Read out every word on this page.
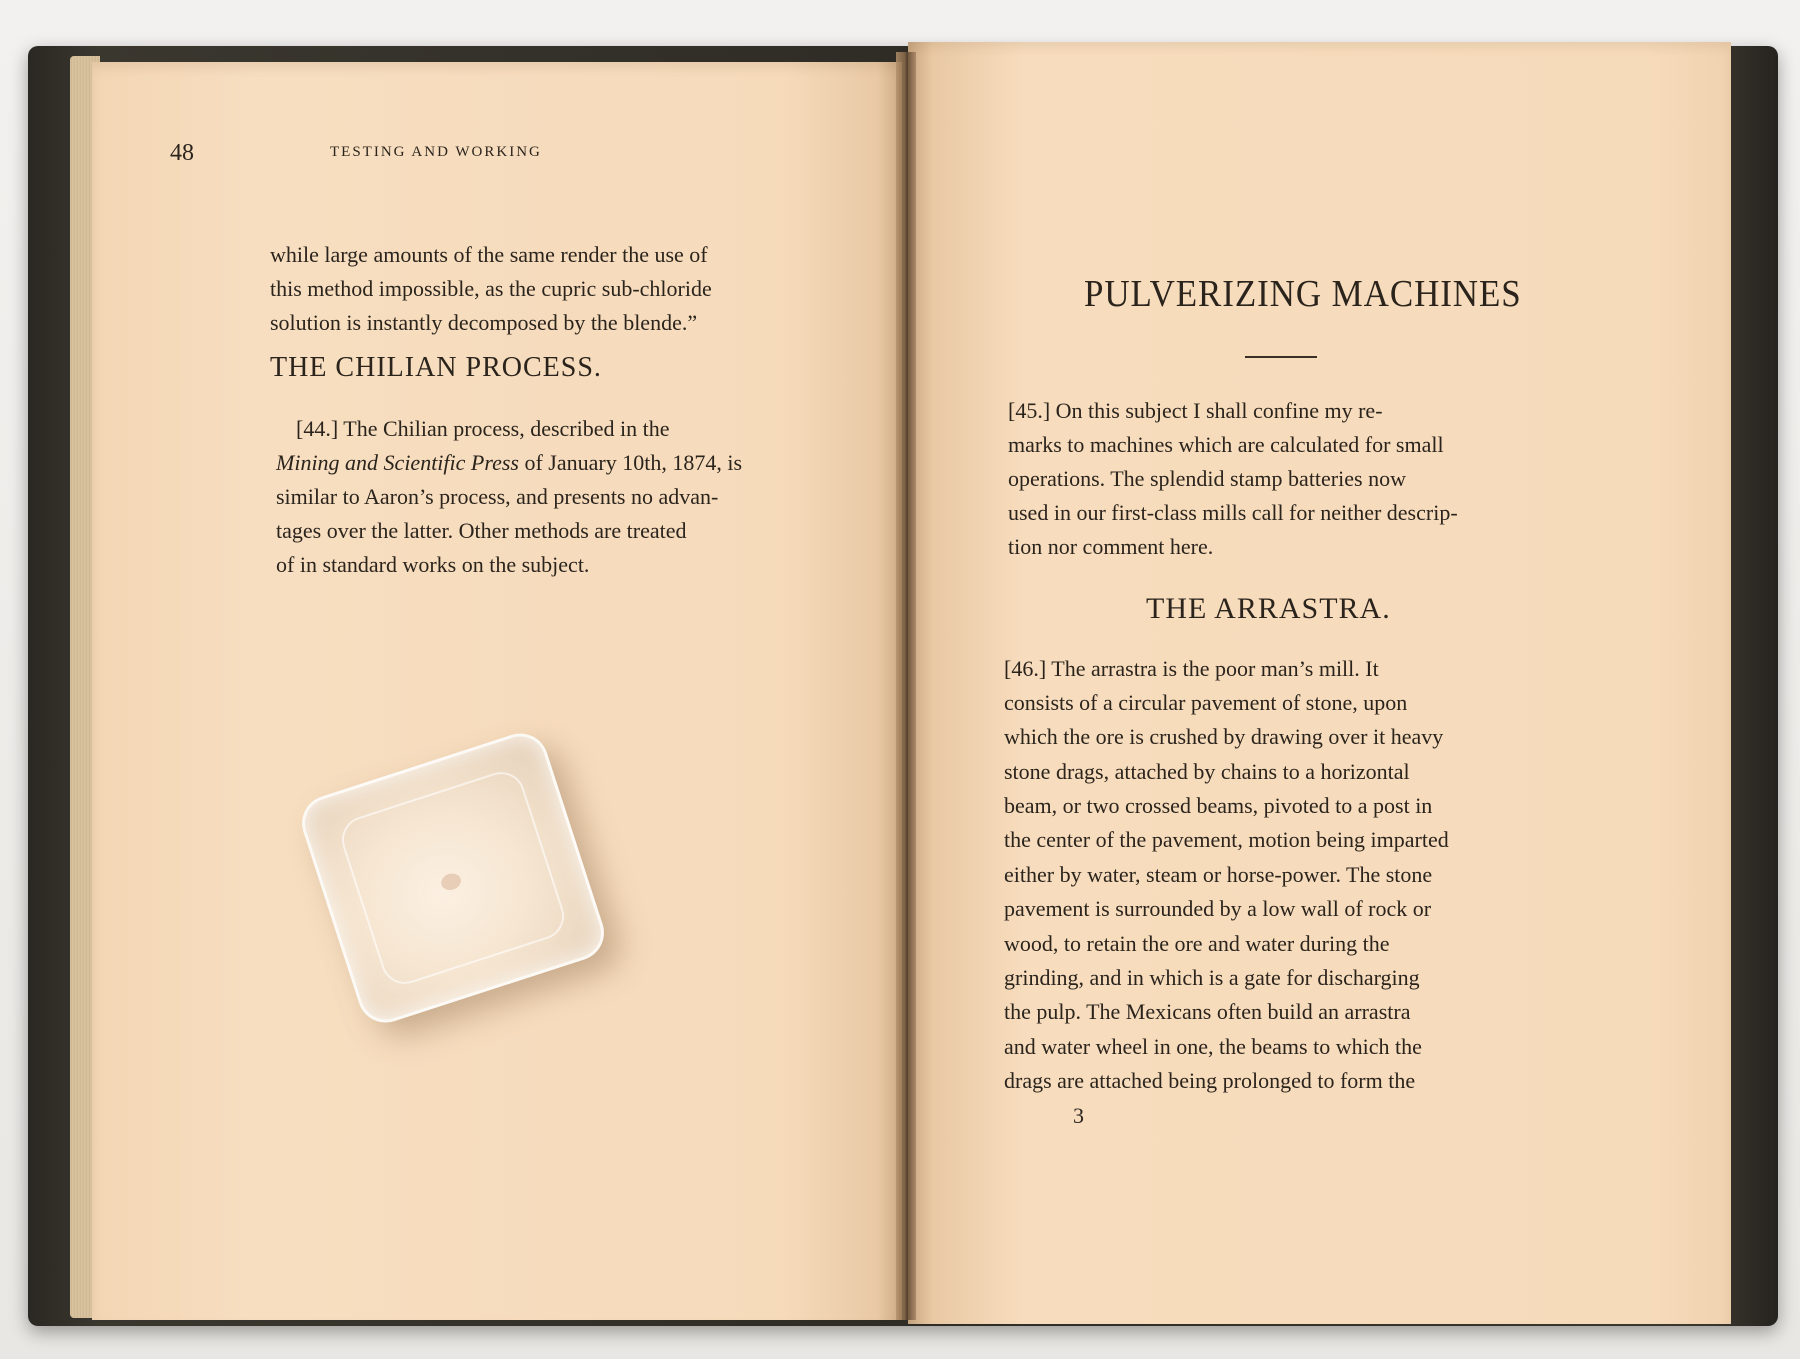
48	TESTING AND WORKING
while large amounts of the same render the use of
this method impossible, as the cupric sub-chloride
solution is instantly decomposed by the blende.”
THE CHILIAN PROCESS.
[44.] The Chilian process, described in the
Mining and Scientific Press of January 10th, 1874, is
similar to Aaron’s process, and presents no advan-
tages over the latter. Other methods are treated
of in standard works on the subject.
PULVERIZING MACHINES
[45.] On this subject I shall confine my re-
marks to machines which are calculated for small
operations. The splendid stamp batteries now
used in our first-class mills call for neither descrip-
tion nor comment here.
THE ARRASTRA.
[46.] The arrastra is the poor man’s mill. It
consists of a circular pavement of stone, upon
which the ore is crushed by drawing over it heavy
stone drags, attached by chains to a horizontal
beam, or two crossed beams, pivoted to a post in
the center of the pavement, motion being imparted
either by water, steam or horse-power. The stone
pavement is surrounded by a low wall of rock or
wood, to retain the ore and water during the
grinding, and in which is a gate for discharging
the pulp. The Mexicans often build an arrastra
and water wheel in one, the beams to which the
drags are attached being prolonged to form the
3
